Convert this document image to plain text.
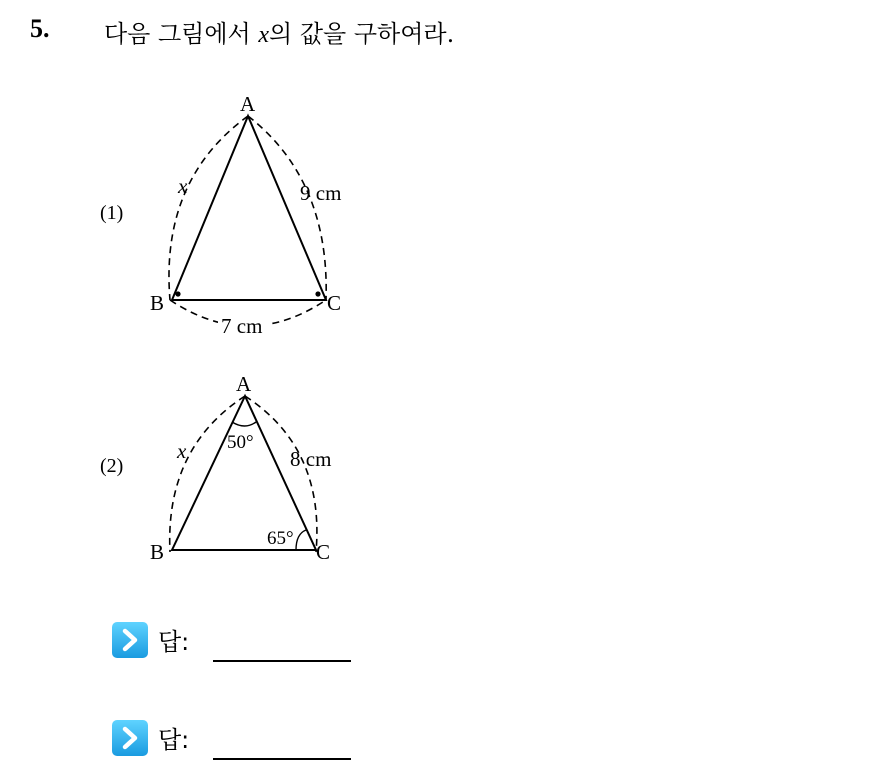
5. 다음 그림에서 x의 값을 구하여라.
(1)
A
B	C
x	9 cm
7 cm
(2)
A
B	C
x	8 cm
50°
65°
답:
답:
